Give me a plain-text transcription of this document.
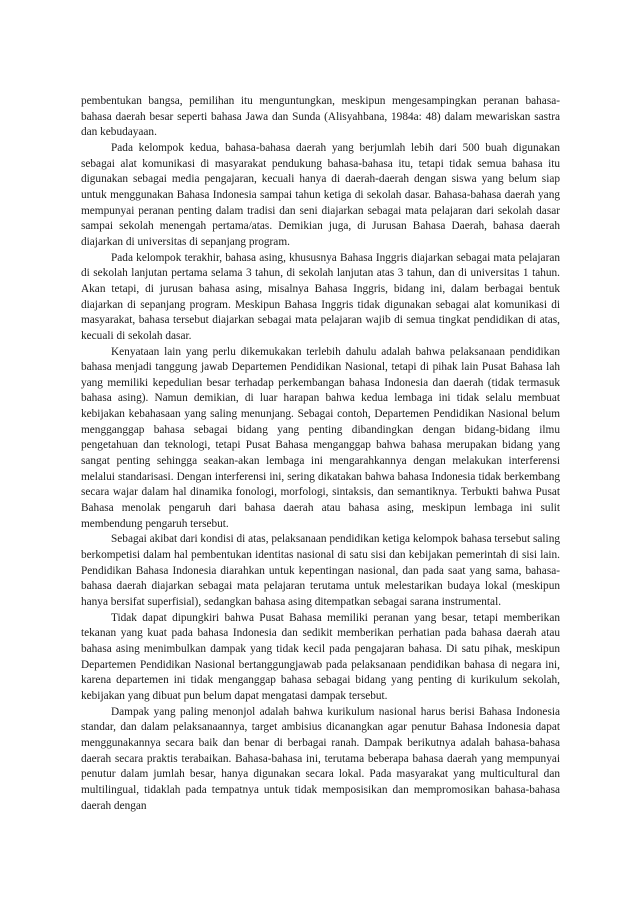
pembentukan bangsa, pemilihan itu menguntungkan, meskipun mengesampingkan peranan bahasa-bahasa daerah besar seperti bahasa Jawa dan Sunda (Alisyahbana, 1984a: 48) dalam mewariskan sastra dan kebudayaan.

Pada kelompok kedua, bahasa-bahasa daerah yang berjumlah lebih dari 500 buah digunakan sebagai alat komunikasi di masyarakat pendukung bahasa-bahasa itu, tetapi tidak semua bahasa itu digunakan sebagai media pengajaran, kecuali hanya di daerah-daerah dengan siswa yang belum siap untuk menggunakan Bahasa Indonesia sampai tahun ketiga di sekolah dasar. Bahasa-bahasa daerah yang mempunyai peranan penting dalam tradisi dan seni diajarkan sebagai mata pelajaran dari sekolah dasar sampai sekolah menengah pertama/atas. Demikian juga, di Jurusan Bahasa Daerah, bahasa daerah diajarkan di universitas di sepanjang program.

Pada kelompok terakhir, bahasa asing, khususnya Bahasa Inggris diajarkan sebagai mata pelajaran di sekolah lanjutan pertama selama 3 tahun, di sekolah lanjutan atas 3 tahun, dan di universitas 1 tahun. Akan tetapi, di jurusan bahasa asing, misalnya Bahasa Inggris, bidang ini, dalam berbagai bentuk diajarkan di sepanjang program. Meskipun Bahasa Inggris tidak digunakan sebagai alat komunikasi di masyarakat, bahasa tersebut diajarkan sebagai mata pelajaran wajib di semua tingkat pendidikan di atas, kecuali di sekolah dasar.

Kenyataan lain yang perlu dikemukakan terlebih dahulu adalah bahwa pelaksanaan pendidikan bahasa menjadi tanggung jawab Departemen Pendidikan Nasional, tetapi di pihak lain Pusat Bahasa lah yang memiliki kepedulian besar terhadap perkembangan bahasa Indonesia dan daerah (tidak termasuk bahasa asing). Namun demikian, di luar harapan bahwa kedua lembaga ini tidak selalu membuat kebijakan kebahasaan yang saling menunjang. Sebagai contoh, Departemen Pendidikan Nasional belum mengganggap bahasa sebagai bidang yang penting dibandingkan dengan bidang-bidang ilmu pengetahuan dan teknologi, tetapi Pusat Bahasa menganggap bahwa bahasa merupakan bidang yang sangat penting sehingga seakan-akan lembaga ini mengarahkannya dengan melakukan interferensi melalui standarisasi. Dengan interferensi ini, sering dikatakan bahwa bahasa Indonesia tidak berkembang secara wajar dalam hal dinamika fonologi, morfologi, sintaksis, dan semantiknya. Terbukti bahwa Pusat Bahasa menolak pengaruh dari bahasa daerah atau bahasa asing, meskipun lembaga ini sulit membendung pengaruh tersebut.

Sebagai akibat dari kondisi di atas, pelaksanaan pendidikan ketiga kelompok bahasa tersebut saling berkompetisi dalam hal pembentukan identitas nasional di satu sisi dan kebijakan pemerintah di sisi lain. Pendidikan Bahasa Indonesia diarahkan untuk kepentingan nasional, dan pada saat yang sama, bahasa-bahasa daerah diajarkan sebagai mata pelajaran terutama untuk melestarikan budaya lokal (meskipun hanya bersifat superfisial), sedangkan bahasa asing ditempatkan sebagai sarana instrumental.

Tidak dapat dipungkiri bahwa Pusat Bahasa memiliki peranan yang besar, tetapi memberikan tekanan yang kuat pada bahasa Indonesia dan sedikit memberikan perhatian pada bahasa daerah atau bahasa asing menimbulkan dampak yang tidak kecil pada pengajaran bahasa. Di satu pihak, meskipun Departemen Pendidikan Nasional bertanggungjawab pada pelaksanaan pendidikan bahasa di negara ini, karena departemen ini tidak menganggap bahasa sebagai bidang yang penting di kurikulum sekolah, kebijakan yang dibuat pun belum dapat mengatasi dampak tersebut.

Dampak yang paling menonjol adalah bahwa kurikulum nasional harus berisi Bahasa Indonesia standar, dan dalam pelaksanaannya, target ambisius dicanangkan agar penutur Bahasa Indonesia dapat menggunakannya secara baik dan benar di berbagai ranah. Dampak berikutnya adalah bahasa-bahasa daerah secara praktis terabaikan. Bahasa-bahasa ini, terutama beberapa bahasa daerah yang mempunyai penutur dalam jumlah besar, hanya digunakan secara lokal. Pada masyarakat yang multicultural dan multilingual, tidaklah pada tempatnya untuk tidak memposisikan dan mempromosikan bahasa-bahasa daerah dengan
